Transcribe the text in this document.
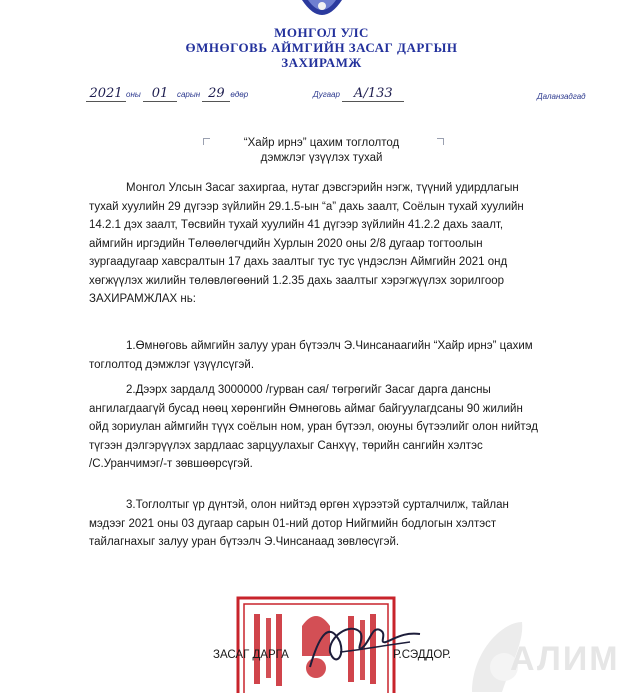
МОНГОЛ УЛС
ӨМНӨГОВЬ АЙМГИЙН ЗАСАГ ДАРГЫН
ЗАХИРАМЖ
2021 оны 01 сарын 29 өдөр	Дугаар А/133	Даланзадгад
“Хайр ирнэ” цахим тоглолтод
дэмжлэг үзүүлэх тухай
Монгол Улсын Засаг захиргаа, нутаг дэвсгэрийн нэгж, түүний удирдлагын
тухай хуулийн 29 дүгээр зүйлийн 29.1.5-ын “а” дахь заалт, Соёлын тухай хуулийн
14.2.1 дэх заалт, Төсвийн тухай хуулийн 41 дүгээр зүйлийн 41.2.2 дахь заалт,
аймгийн иргэдийн Төлөөлөгчдийн Хурлын 2020 оны 2/8 дугаар тогтоолын
зургаадугаар хавсралтын 17 дахь заалтыг тус тус үндэслэн Аймгийн 2021 онд
хөгжүүлэх жилийн төлөвлөгөөний 1.2.35 дахь заалтыг хэрэгжүүлэх зорилгоор
ЗАХИРАМЖЛАХ нь:
1.Өмнөговь аймгийн залуу уран бүтээлч Э.Чинсанаагийн “Хайр ирнэ” цахим
тоглолтод дэмжлэг үзүүлсүгэй.
2.Дээрх зардалд 3000000 /гурван сая/ төгрөгийг Засаг дарга дансны
ангилагдаагүй бусад нөөц хөрөнгийн Өмнөговь аймаг байгуулагдсаны 90 жилийн
ойд зориулан аймгийн түүх соёлын ном, уран бүтээл, оюуны бүтээлийг олон нийтэд
түгээн дэлгэрүүлэх зардлаас зарцуулахыг Санхүү, төрийн сангийн хэлтэс
/С.Уранчимэг/-т зөвшөөрсүгэй.
3.Тоглолтыг үр дүнтэй, олон нийтэд өргөн хүрээтэй сурталчилж, тайлан
мэдээг 2021 оны 03 дугаар сарын 01-ний дотор Нийгмийн бодлогын хэлтэст
тайлагнахыг залуу уран бүтээлч Э.Чинсанаад зөвлөсүгэй.
ЗАСАГ ДАРГА	Р.СЭДДОР. АЛИМ
